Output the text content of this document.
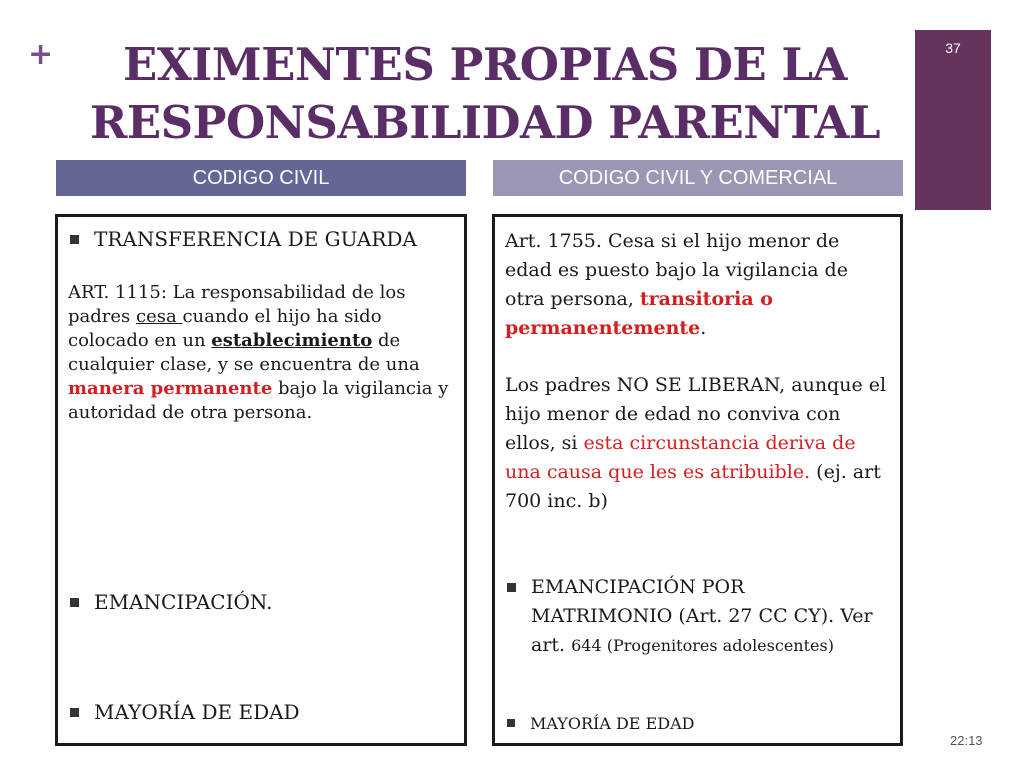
+	EXIMENTES PROPIAS DE LA
RESPONSABILIDAD PARENTAL
37
CODIGO CIVIL	CODIGO CIVIL Y COMERCIAL
TRANSFERENCIA DE GUARDA
ART. 1115: La responsabilidad de los padres cesa cuando el hijo ha sido colocado en un establecimiento de cualquier clase, y se encuentra de una manera permanente bajo la vigilancia y autoridad de otra persona.
EMANCIPACIÓN.
MAYORÍA DE EDAD
Art. 1755. Cesa si el hijo menor de edad es puesto bajo la vigilancia de otra persona, transitoria o permanentemente.
Los padres NO SE LIBERAN, aunque el hijo menor de edad no conviva con ellos, si esta circunstancia deriva de una causa que les es atribuible. (ej. art 700 inc. b)
EMANCIPACIÓN POR MATRIMONIO (Art. 27 CC CY). Ver art. 644 (Progenitores adolescentes)
MAYORÍA DE EDAD
22:13
